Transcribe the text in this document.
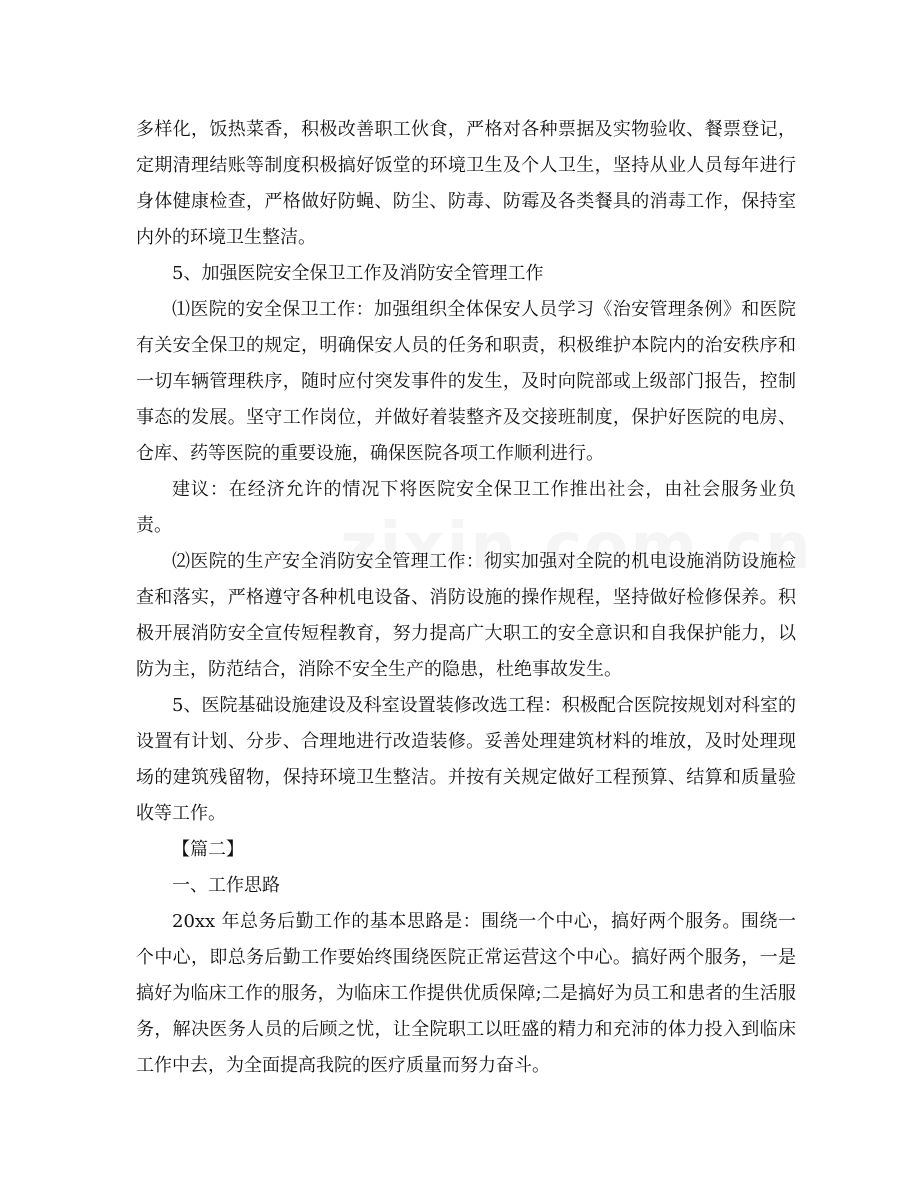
多样化，饭热菜香，积极改善职工伙食，严格对各种票据及实物验收、餐票登记，定期清理结账等制度积极搞好饭堂的环境卫生及个人卫生，坚持从业人员每年进行身体健康检查，严格做好防蝇、防尘、防毒、防霉及各类餐具的消毒工作，保持室内外的环境卫生整洁。

5、加强医院安全保卫工作及消防安全管理工作

⑴医院的安全保卫工作：加强组织全体保安人员学习《治安管理条例》和医院有关安全保卫的规定，明确保安人员的任务和职责，积极维护本院内的治安秩序和一切车辆管理秩序，随时应付突发事件的发生，及时向院部或上级部门报告，控制事态的发展。坚守工作岗位，并做好着装整齐及交接班制度，保护好医院的电房、仓库、药等医院的重要设施，确保医院各项工作顺利进行。

建议：在经济允许的情况下将医院安全保卫工作推出社会，由社会服务业负责。

⑵医院的生产安全消防安全管理工作：彻实加强对全院的机电设施消防设施检查和落实，严格遵守各种机电设备、消防设施的操作规程，坚持做好检修保养。积极开展消防安全宣传短程教育，努力提高广大职工的安全意识和自我保护能力，以防为主，防范结合，消除不安全生产的隐患，杜绝事故发生。

5、医院基础设施建设及科室设置装修改选工程：积极配合医院按规划对科室的设置有计划、分步、合理地进行改造装修。妥善处理建筑材料的堆放，及时处理现场的建筑残留物，保持环境卫生整洁。并按有关规定做好工程预算、结算和质量验收等工作。

【篇二】

一、工作思路

20xx 年总务后勤工作的基本思路是：围绕一个中心，搞好两个服务。围绕一个中心，即总务后勤工作要始终围绕医院正常运营这个中心。搞好两个服务，一是搞好为临床工作的服务，为临床工作提供优质保障;二是搞好为员工和患者的生活服务，解决医务人员的后顾之忧，让全院职工以旺盛的精力和充沛的体力投入到临床工作中去，为全面提高我院的医疗质量而努力奋斗。
